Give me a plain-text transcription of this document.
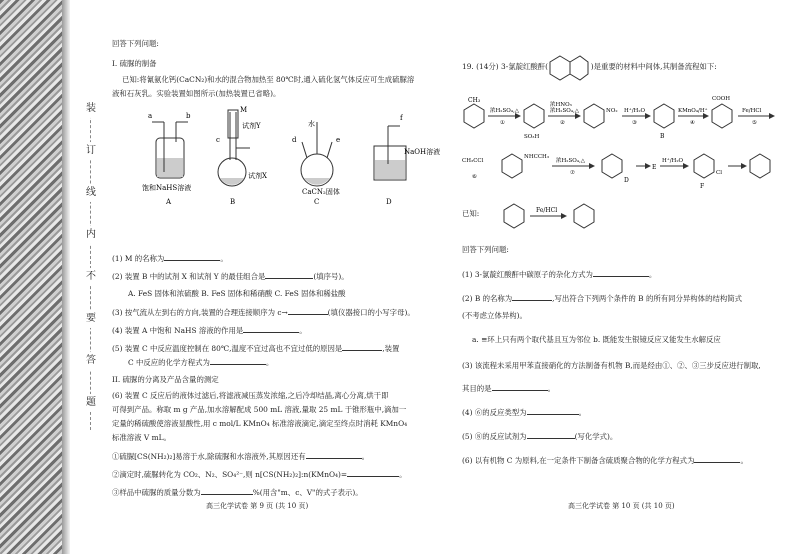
装
订
线
内
不
要
答
题
回答下列问题:
I. 硫脲的制备
已知:将氰氨化钙(CaCN₂)和水的混合物加热至 80℃时,通入硫化氢气体反应可生成硫脲溶
液和石灰乳。实验装置如图所示(加热装置已省略)。
a	b
M
试剂Y
试剂X
c
水
d	e
f
NaOH溶液
饱和NaHS溶液	CaCN₂固体
A	B	C	D
(1) M 的名称为	。
(2) 装置 B 中的试剂 X 和试剂 Y 的最佳组合是	(填序号)。
A. FeS 固体和浓硫酸 B. FeS 固体和稀硝酸 C. FeS 固体和稀盐酸
(3) 按气流从左到右的方向,装置的合理连接顺序为 c→	(填仪器接口的小写字母)。
(4) 装置 A 中饱和 NaHS 溶液的作用是	。
(5) 装置 C 中反应温度控制在 80℃,温度不宜过高也不宜过低的原因是	,装置
C 中反应的化学方程式为	。
II. 硫脲的分离及产品含量的测定
(6) 装置 C 反应后的液体过滤后,将滤液减压蒸发浓缩,之后冷却结晶,离心分离,烘干即
可得到产品。称取 m g 产品,加水溶解配成 500 mL 溶液,量取 25 mL 于锥形瓶中,滴加一
定量的稀硫酸使溶液显酸性,用 c mol/L KMnO₄ 标准溶液滴定,滴定至终点时消耗 KMnO₄
标准溶液 V mL。
①硫脲[CS(NH₂)₂]易溶于水,除硫脲和水溶液外,其原因还有	。
②滴定时,硫脲转化为 CO₂、N₂、SO₄²⁻,则 n[CS(NH₂)₂]:n(KMnO₄)=	。
③样品中硫脲的质量分数为	%(用含"m、c、V"的式子表示)。
高三化学试卷 第 9 页 (共 10 页)
19. (14分) 3-氯靛红酸酐(	)是重要的材料中间体,其制备流程如下:
CH₃
浓H₂SO₄,△
①
SO₃H
浓HNO₃
浓H₂SO₄,△
②
NO₂ H⁺/H₂O
③
B
KMnO₄/H⁺
④
COOH
Fe/HCl
⑤
CH₃CCl
⑥
NHCCH₃
浓H₂SO₄,△
⑦
D
E
H⁺/H₂O
F
Cl
已知:	Fe/HCl
回答下列问题:
(1) 3-氯靛红酸酐中碳原子的杂化方式为	。
(2) B 的名称为	,写出符合下列两个条件的 B 的所有同分异构体的结构简式
(不考虑立体异构)。
a. ≡环上只有两个取代基且互为邻位 b. 既能发生银镜反应又能发生水解反应
(3) 该流程未采用甲苯直接硝化的方法制备有机物 B,而是经由①、②、③三步反应进行制取,
其目的是	。
(4) ⑥的反应类型为	。
(5) ⑧的反应试剂为	(写化学式)。
(6) 以有机物 C 为原料,在一定条件下制备含硫质聚合物的化学方程式为	。
高三化学试卷 第 10 页 (共 10 页)
